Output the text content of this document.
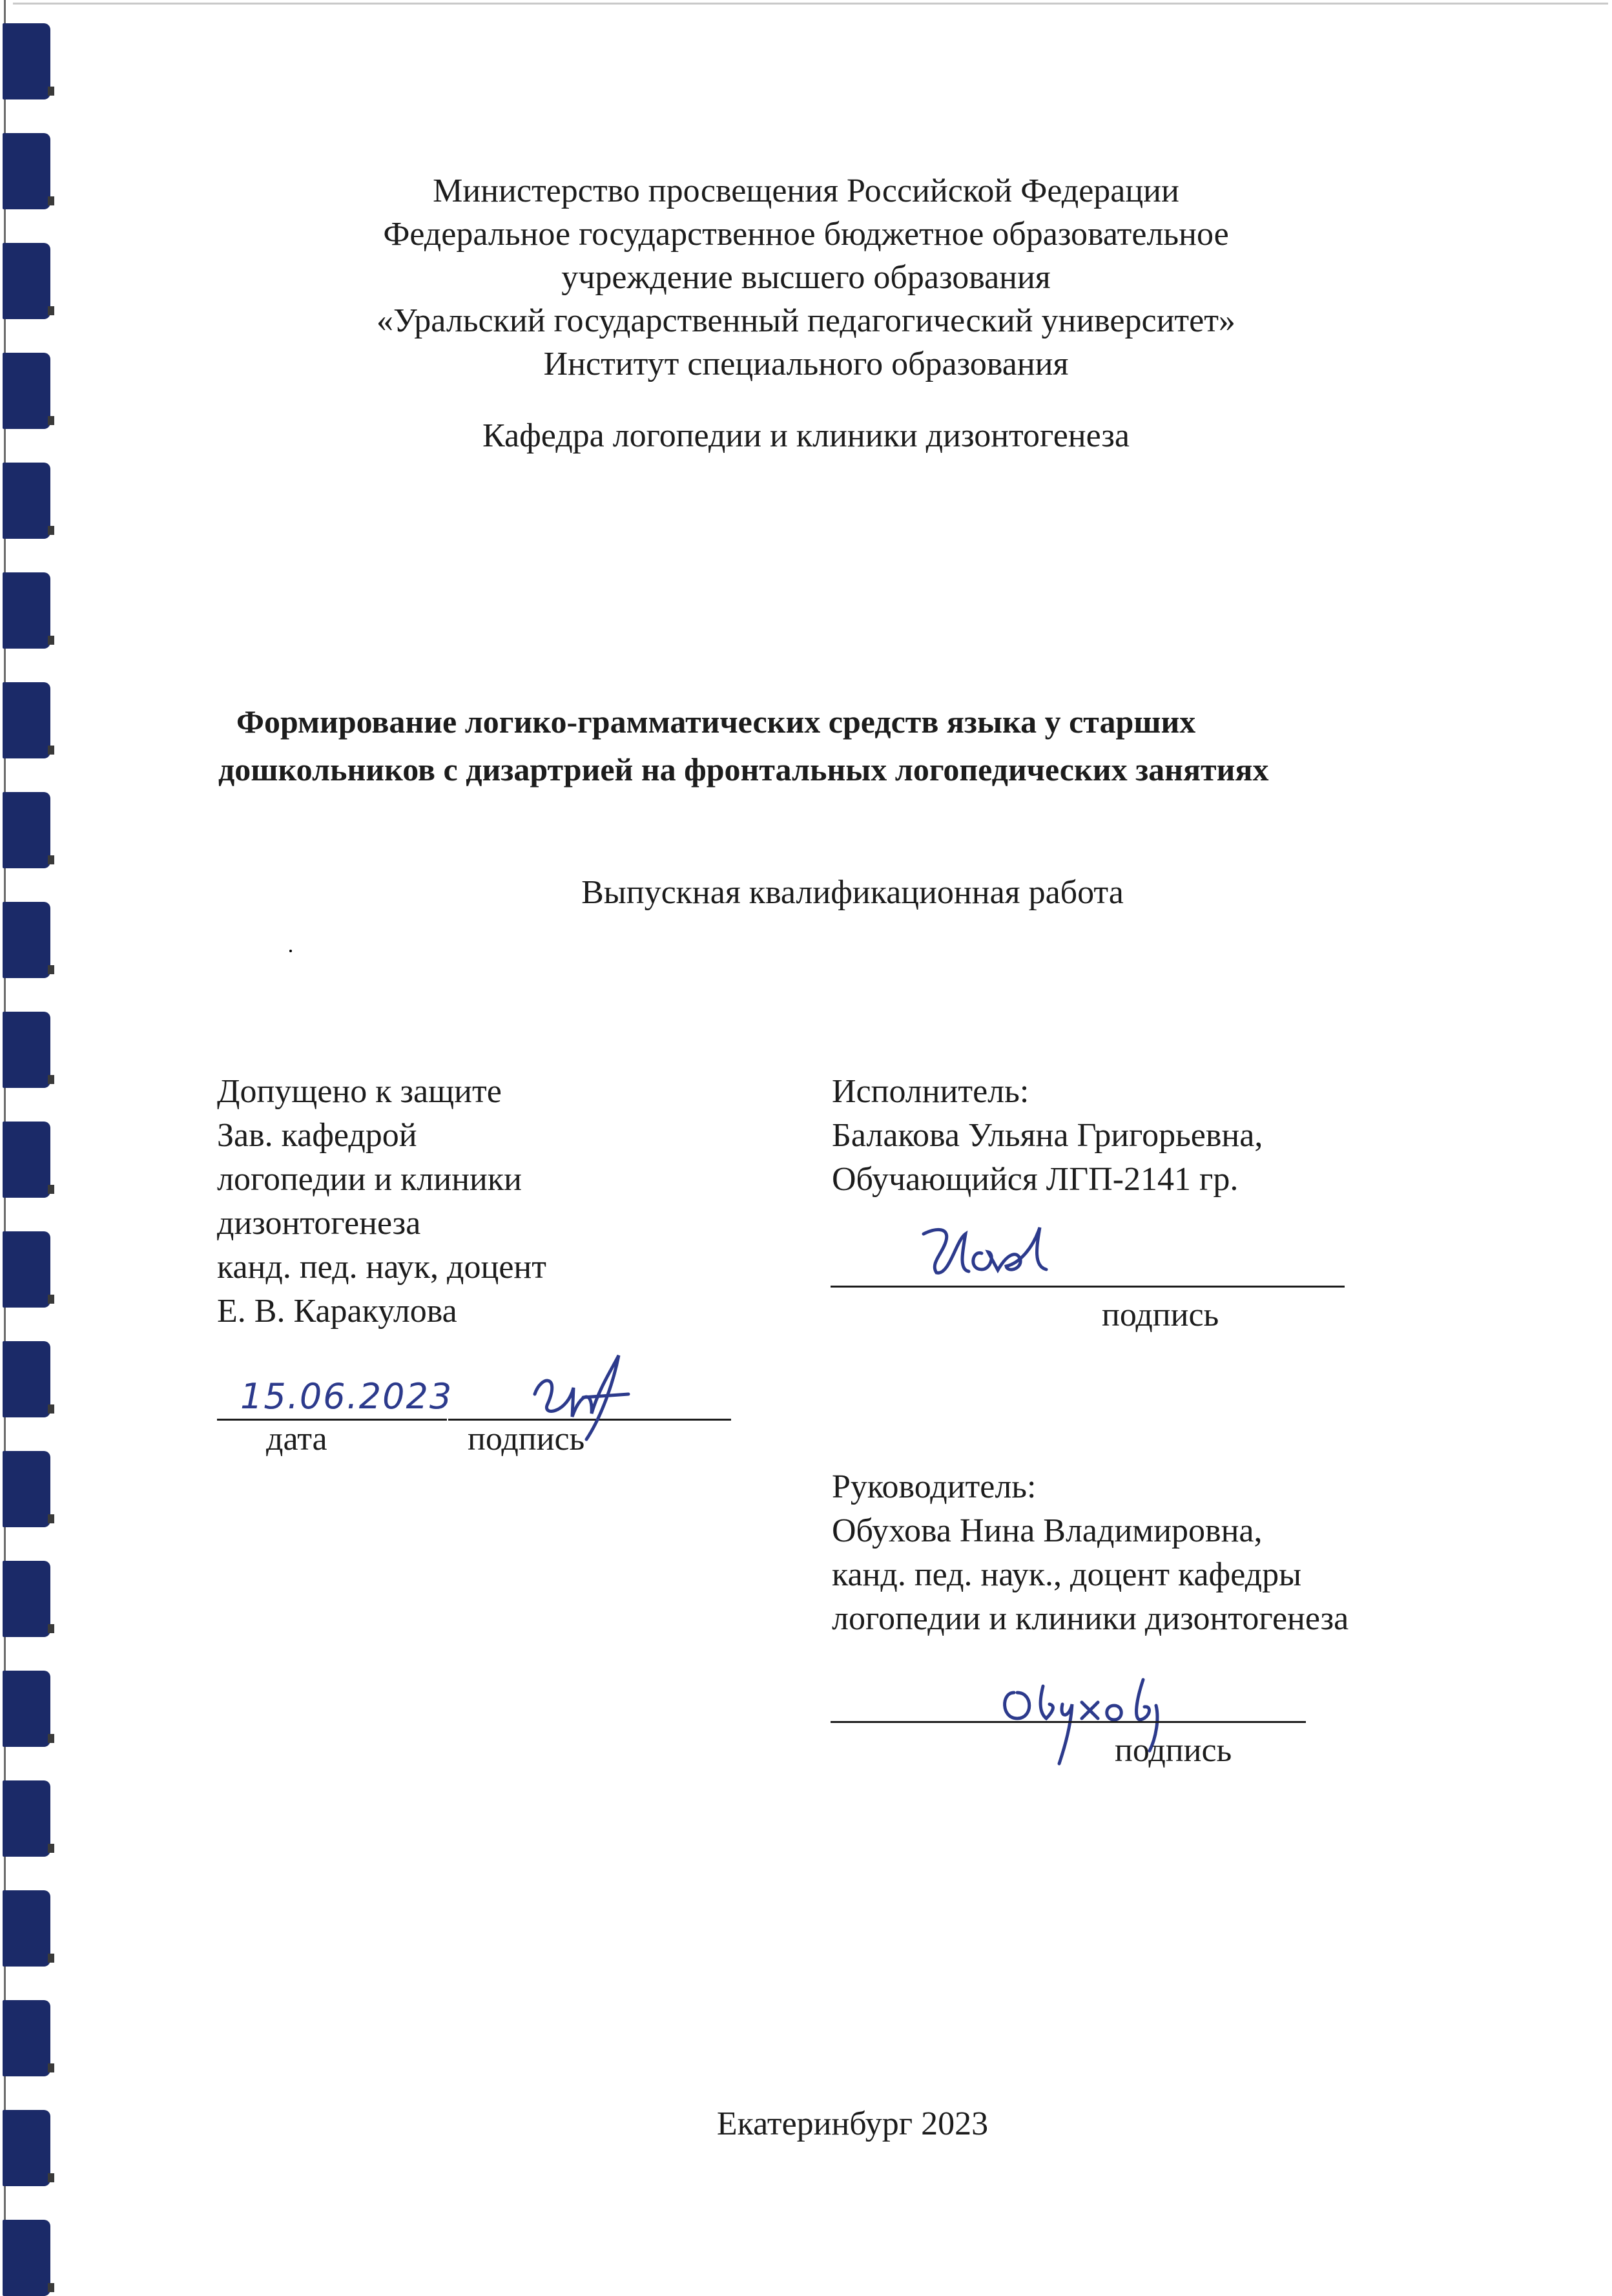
Министерство просвещения Российской Федерации
Федеральное государственное бюджетное образовательное
учреждение высшего образования
«Уральский государственный педагогический университет»
Институт специального образования
Кафедра логопедии и клиники дизонтогенеза
Формирование логико-грамматических средств языка у старших
дошкольников с дизартрией на фронтальных логопедических занятиях
Выпускная квалификационная работа
Допущено к защите
Зав. кафедрой
логопедии и клиники
дизонтогенеза
канд. пед. наук, доцент
Е. В. Каракулова
15.06.2023
дата	подпись
Исполнитель:
Балакова Ульяна Григорьевна,
Обучающийся ЛГП-2141 гр.
подпись
Руководитель:
Обухова Нина Владимировна,
канд. пед. наук., доцент кафедры
логопедии и клиники дизонтогенеза
подпись
Екатеринбург 2023
